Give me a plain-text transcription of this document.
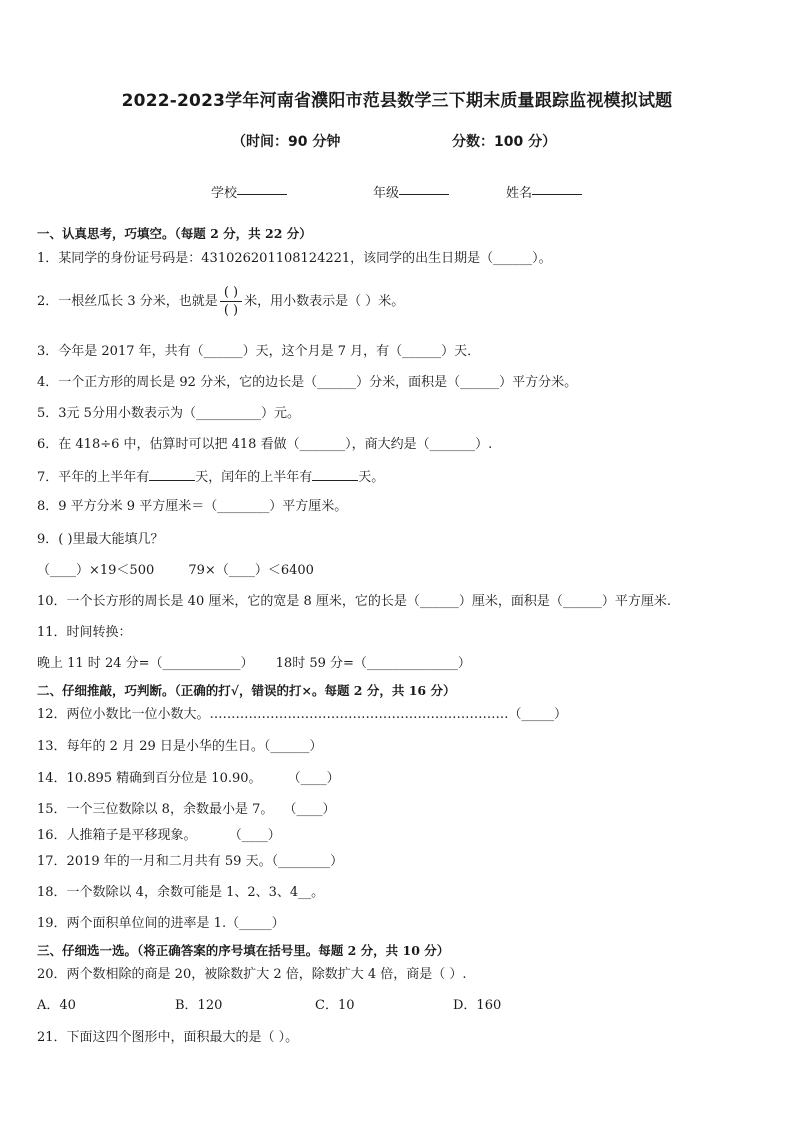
2022-2023学年河南省濮阳市范县数学三下期末质量跟踪监视模拟试题
（时间：90 分钟	分数：100 分）
学校	年级	姓名
一、认真思考，巧填空。（每题 2 分，共 22 分）
1．某同学的身份证号码是：431026201108124221，该同学的出生日期是（______）。
2．一根丝瓜长 3 分米，也就是 $\frac{( )}{( )}$ 米，用小数表示是（ ）米。
3．今年是 2017 年，共有（______）天，这个月是 7 月，有（______）天．
4．一个正方形的周长是 92 分米，它的边长是（______）分米，面积是（______）平方分米。
5．3元 5分用小数表示为（__________）元。
6．在 418÷6 中，估算时可以把 418 看做（_______），商大约是（_______）.
7．平年的上半年有	天，闰年的上半年有	天。
8．9 平方分米 9 平方厘米＝（________）平方厘米。
9．( )里最大能填几？
（____）×19＜500	79×（____）＜6400
10．一个长方形的周长是 40 厘米，它的宽是 8 厘米，它的长是（______）厘米，面积是（______）平方厘米.
11．时间转换：
晚上 11 时 24 分=（____________） 18时 59 分=（______________）
二、仔细推敲，巧判断。（正确的打√，错误的打×。每题 2 分，共 16 分）
12．两位小数比一位小数大。……………………………………………………………（_____）
13．每年的 2 月 29 日是小华的生日。（______）
14．10.895 精确到百分位是 10.90。 （____）
15．一个三位数除以 8，余数最小是 7。 （____）
16．人推箱子是平移现象。 （____）
17．2019 年的一月和二月共有 59 天。（________）
18．一个数除以 4，余数可能是 1、2、3、4__。
19．两个面积单位间的进率是 1.（_____）
三、仔细选一选。（将正确答案的序号填在括号里。每题 2 分，共 10 分）
20．两个数相除的商是 20，被除数扩大 2 倍，除数扩大 4 倍，商是（ ）.
A．40	B．120	C．10	D．160
21．下面这四个图形中，面积最大的是（ ）。
